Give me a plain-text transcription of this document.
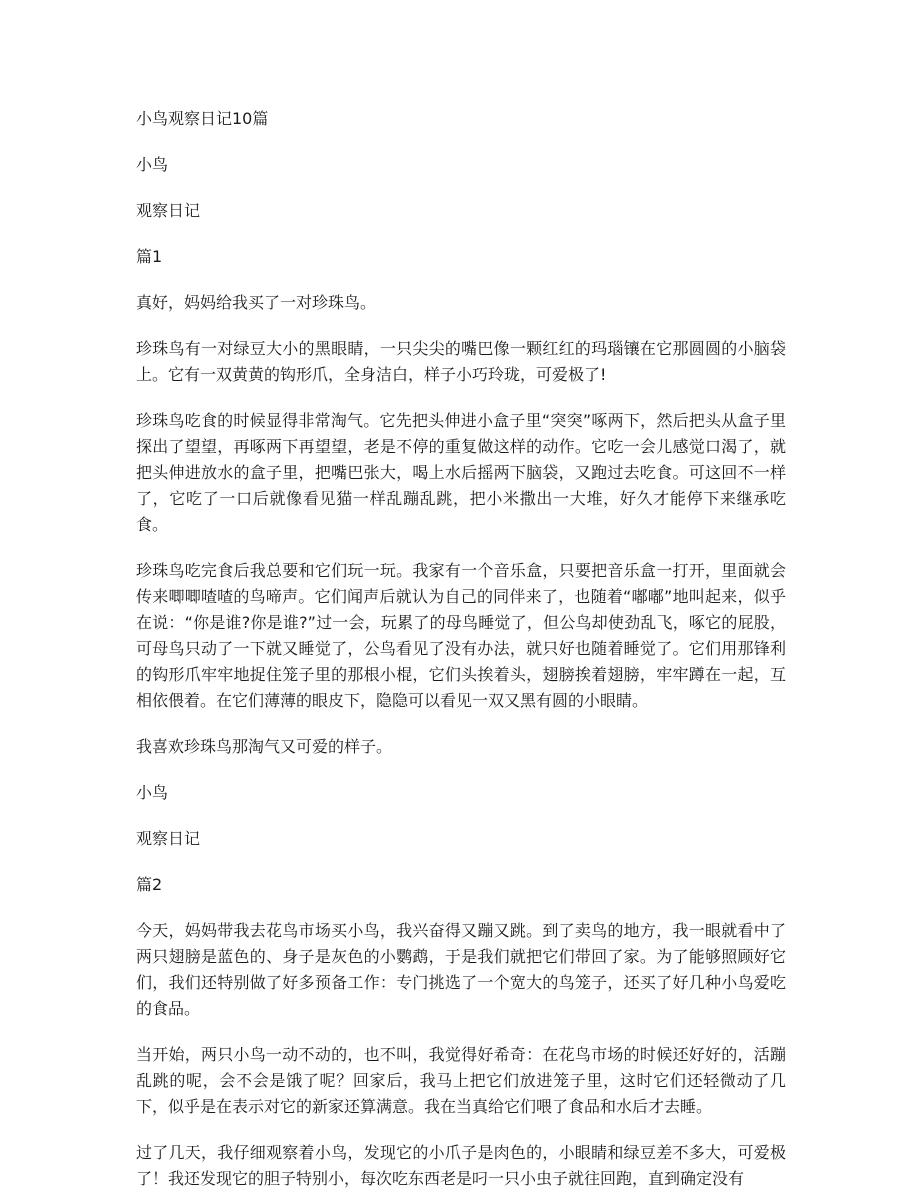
小鸟观察日记10篇
小鸟
观察日记
篇1
真好，妈妈给我买了一对珍珠鸟。
珍珠鸟有一对绿豆大小的黑眼睛，一只尖尖的嘴巴像一颗红红的玛瑙镶在它那圆圆的小脑袋上。它有一双黄黄的钩形爪，全身洁白，样子小巧玲珑，可爱极了!
珍珠鸟吃食的时候显得非常淘气。它先把头伸进小盒子里“突突”啄两下，然后把头从盒子里探出了望望，再啄两下再望望，老是不停的重复做这样的动作。它吃一会儿感觉口渴了，就把头伸进放水的盒子里，把嘴巴张大，喝上水后摇两下脑袋，又跑过去吃食。可这回不一样了，它吃了一口后就像看见猫一样乱蹦乱跳，把小米撒出一大堆，好久才能停下来继承吃食。
珍珠鸟吃完食后我总要和它们玩一玩。我家有一个音乐盒，只要把音乐盒一打开，里面就会传来唧唧喳喳的鸟啼声。它们闻声后就认为自己的同伴来了，也随着“嘟嘟”地叫起来，似乎在说：“你是谁?你是谁?”过一会，玩累了的母鸟睡觉了，但公鸟却使劲乱飞，啄它的屁股，可母鸟只动了一下就又睡觉了，公鸟看见了没有办法，就只好也随着睡觉了。它们用那锋利的钩形爪牢牢地捉住笼子里的那根小棍，它们头挨着头，翅膀挨着翅膀，牢牢蹲在一起，互相依偎着。在它们薄薄的眼皮下，隐隐可以看见一双又黑有圆的小眼睛。
我喜欢珍珠鸟那淘气又可爱的样子。
小鸟
观察日记
篇2
今天，妈妈带我去花鸟市场买小鸟，我兴奋得又蹦又跳。到了卖鸟的地方，我一眼就看中了两只翅膀是蓝色的、身子是灰色的小鹦鹉，于是我们就把它们带回了家。为了能够照顾好它们，我们还特别做了好多预备工作：专门挑选了一个宽大的鸟笼子，还买了好几种小鸟爱吃的食品。
当开始，两只小鸟一动不动的，也不叫，我觉得好希奇：在花鸟市场的时候还好好的，活蹦乱跳的呢，会不会是饿了呢？回家后，我马上把它们放进笼子里，这时它们还轻微动了几下，似乎是在表示对它的新家还算满意。我在当真给它们喂了食品和水后才去睡。
过了几天，我仔细观察着小鸟，发现它的小爪子是肉色的，小眼睛和绿豆差不多大，可爱极了！我还发现它的胆子特别小，每次吃东西老是叼一只小虫子就往回跑，直到确定没有
